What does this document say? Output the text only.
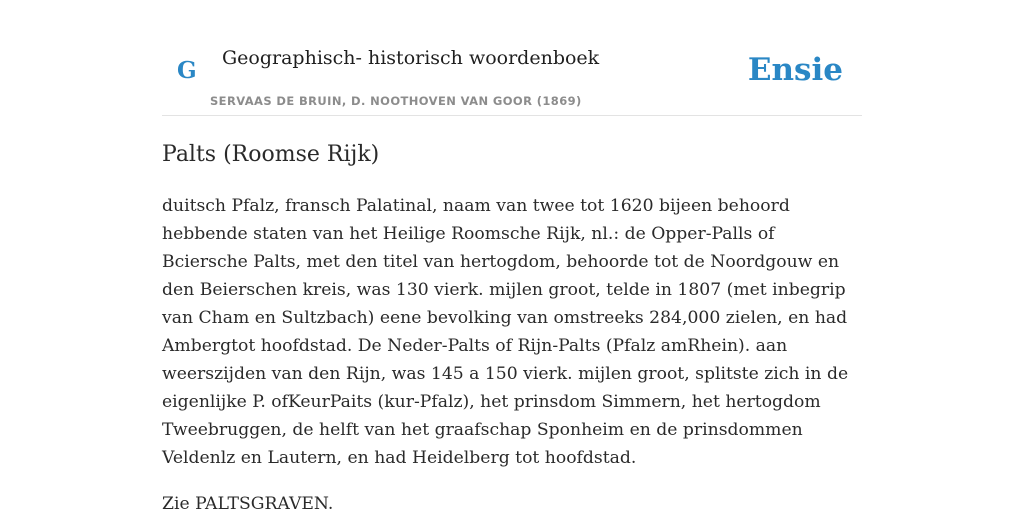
G Geographisch- historisch woordenboek
SERVAAS DE BRUIN, D. NOOTHOVEN VAN GOOR (1869)
Ensie
Palts (Roomse Rijk)

duitsch Pfalz, fransch Palatinal, naam van twee tot 1620 bijeen behoord hebbende staten van het Heilige Roomsche Rijk, nl.: de Opper-Palls of Bciersche Palts, met den titel van hertogdom, behoorde tot de Noordgouw en den Beierschen kreis, was 130 vierk. mijlen groot, telde in 1807 (met inbegrip van Cham en Sultzbach) eene bevolking van omstreeks 284,000 zielen, en had Ambergtot hoofdstad. De Neder-Palts of Rijn-Palts (Pfalz amRhein). aan weerszijden van den Rijn, was 145 a 150 vierk. mijlen groot, splitste zich in de eigenlijke P. ofKeurPaits (kur-Pfalz), het prinsdom Simmern, het hertogdom Tweebruggen, de helft van het graafschap Sponheim en de prinsdommen Veldenlz en Lautern, en had Heidelberg tot hoofdstad.

Zie PALTSGRAVEN.
